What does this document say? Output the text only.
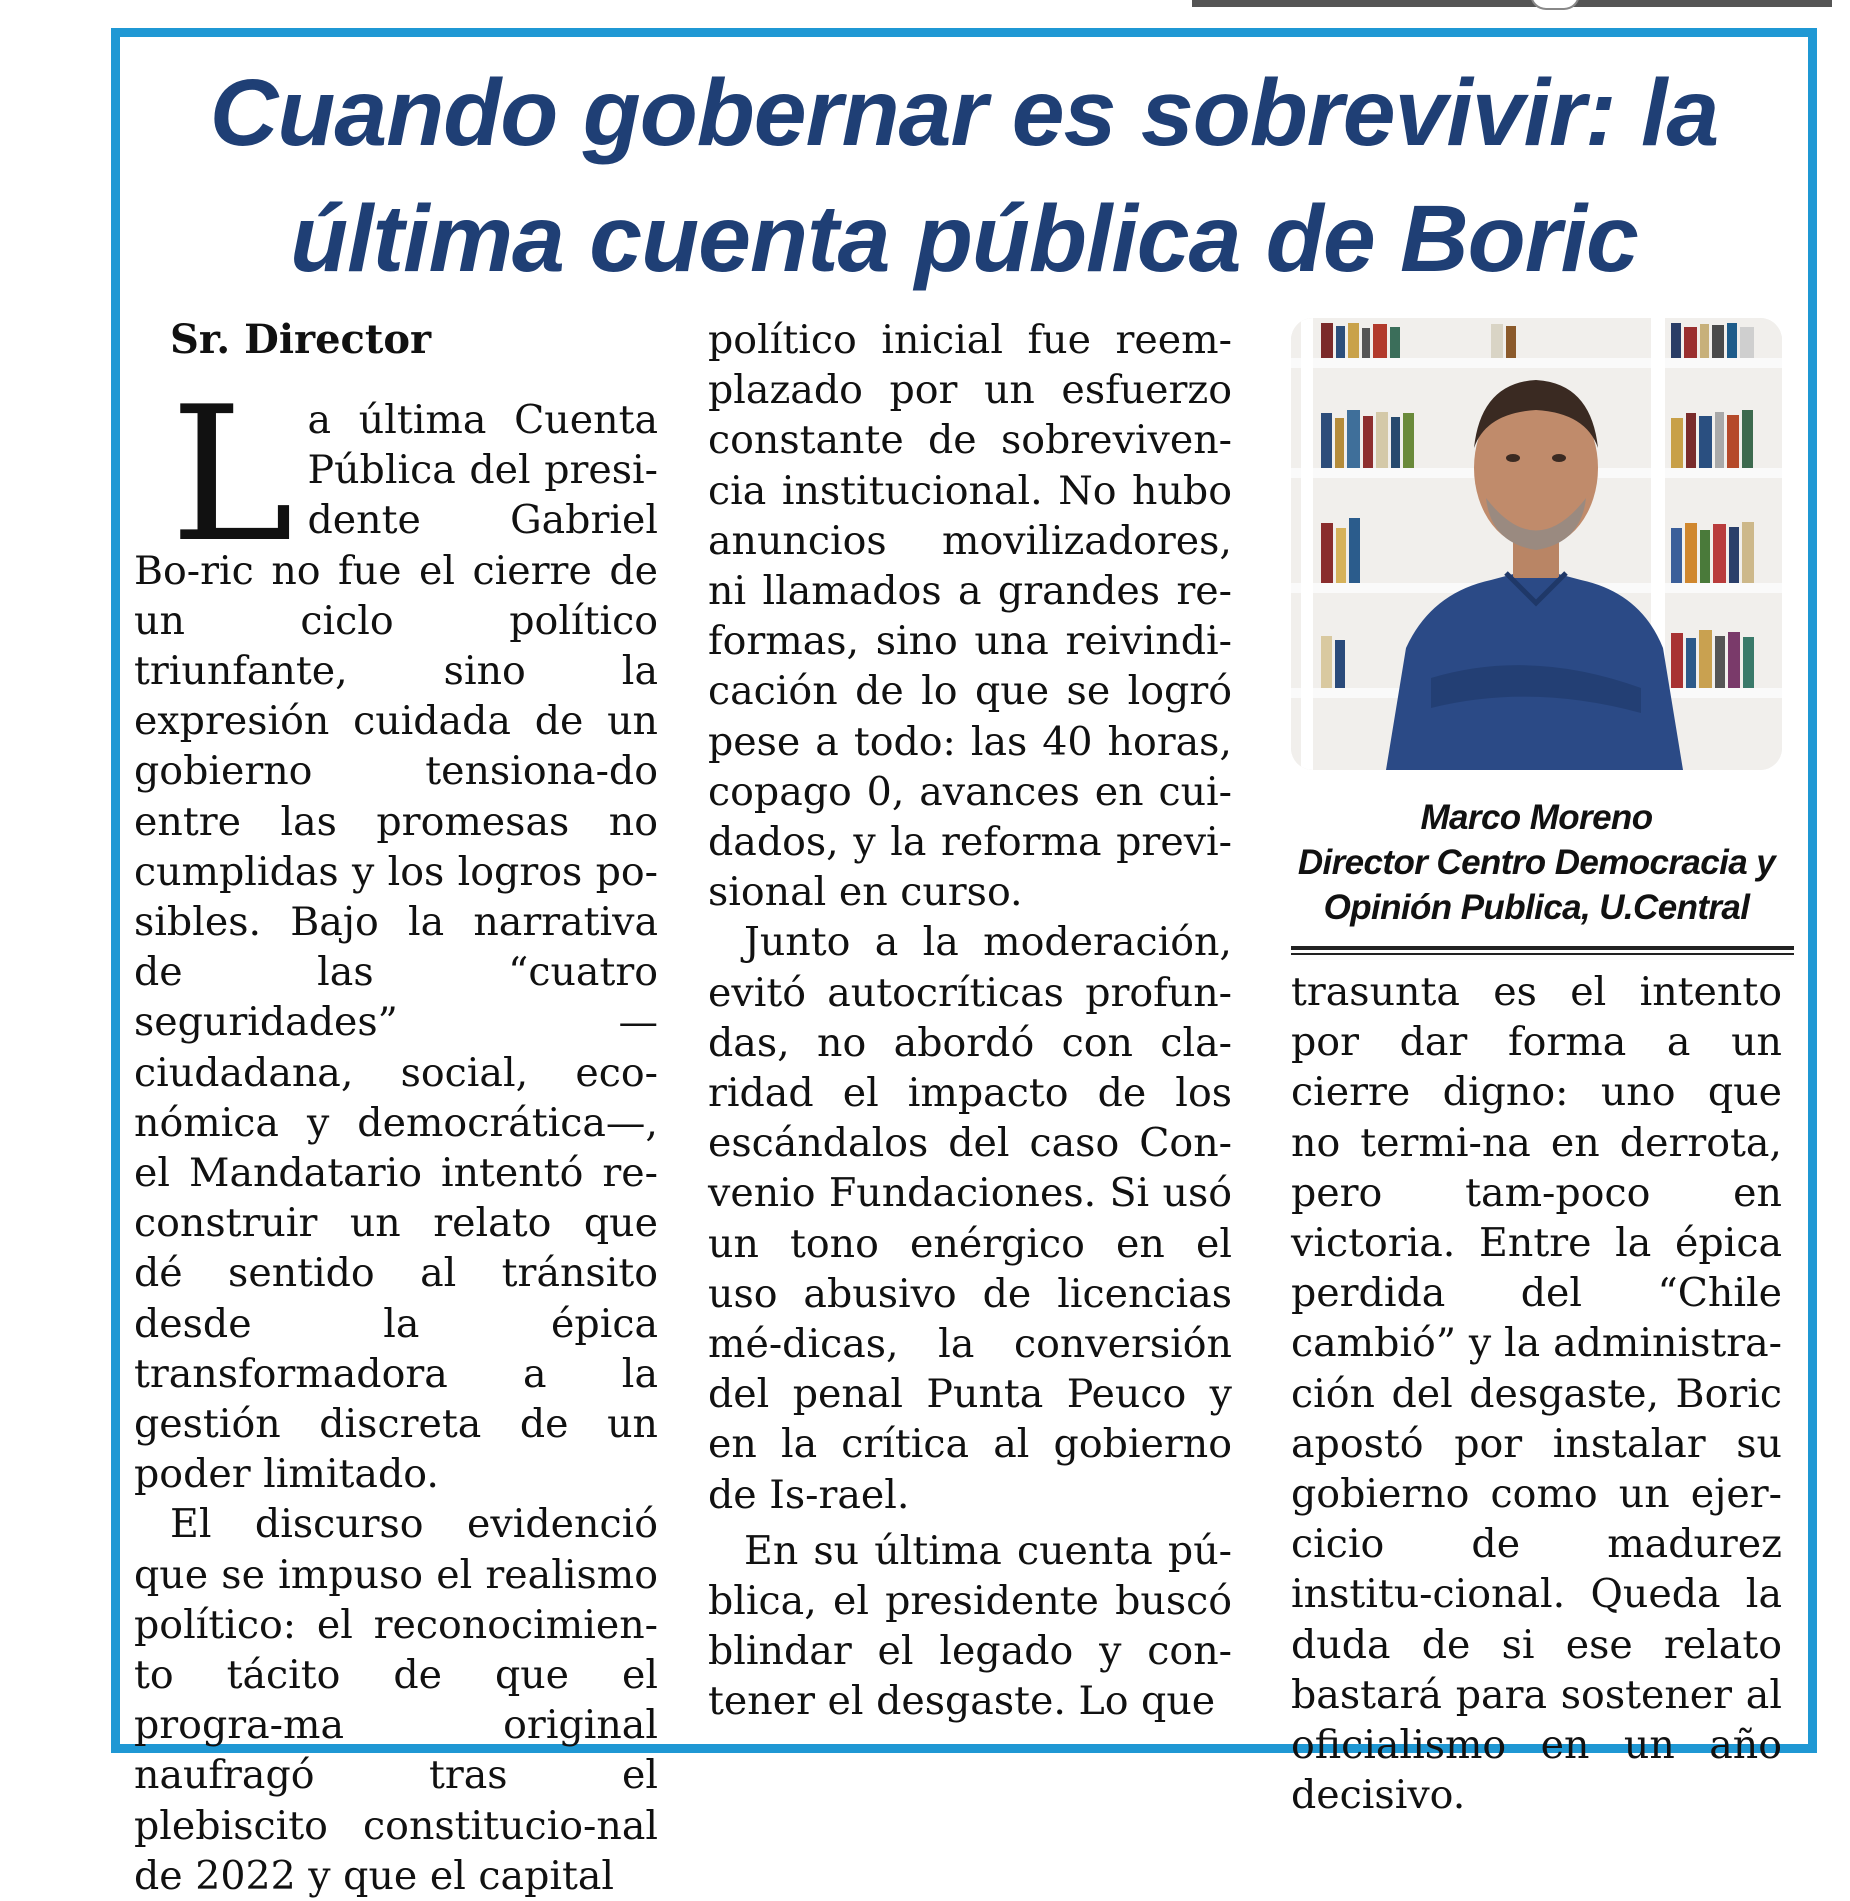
Cuando gobernar es sobrevivir: la
última cuenta pública de Boric
Sr. Director

La última Cuenta Pública del presi-dente Gabriel Bo-ric no fue el cierre de un ciclo político triunfante, sino la expresión cuidada de un gobierno tensiona-do entre las promesas no cumplidas y los logros po-sibles. Bajo la narrativa de las “cuatro seguridades” —ciudadana, social, eco-nómica y democrática—, el Mandatario intentó re-construir un relato que dé sentido al tránsito desde la épica transformadora a la gestión discreta de un poder limitado.

El discurso evidenció que se impuso el realismo político: el reconocimien-to tácito de que el progra-ma original naufragó tras el plebiscito constitucio-nal de 2022 y que el capital

político inicial fue reem-plazado por un esfuerzo constante de sobreviven-cia institucional. No hubo anuncios movilizadores, ni llamados a grandes re-formas, sino una reivindi-cación de lo que se logró pese a todo: las 40 horas, copago 0, avances en cui-dados, y la reforma previ-sional en curso.

Junto a la moderación, evitó autocríticas profun-das, no abordó con cla-ridad el impacto de los escándalos del caso Con-venio Fundaciones. Si usó un tono enérgico en el uso abusivo de licencias mé-dicas, la conversión del penal Punta Peuco y en la crítica al gobierno de Is-rael.

En su última cuenta pú-blica, el presidente buscó blindar el legado y con-tener el desgaste. Lo que

Marco Moreno
Director Centro Democracia y
Opinión Publica, U.Central

trasunta es el intento por dar forma a un cierre digno: uno que no termi-na en derrota, pero tam-poco en victoria. Entre la épica perdida del “Chile cambió” y la administra-ción del desgaste, Boric apostó por instalar su gobierno como un ejer-cicio de madurez institu-cional. Queda la duda de si ese relato bastará para sostener al oficialismo en un año decisivo.
